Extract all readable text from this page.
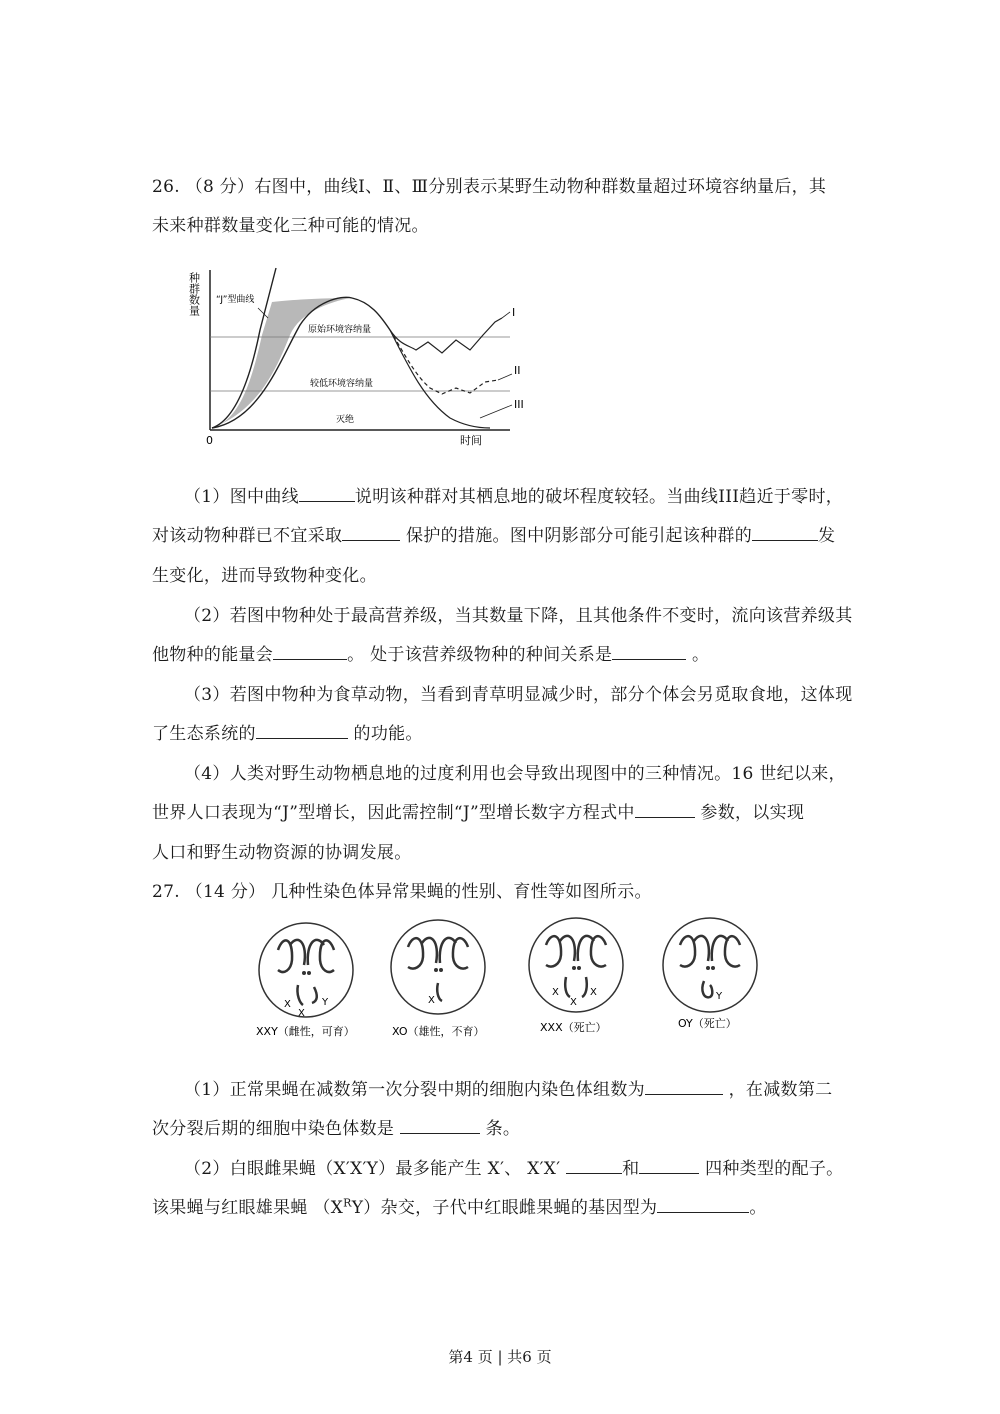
26. （8 分）右图中，曲线Ⅰ、Ⅱ、Ⅲ分别表示某野生动物种群数量超过环境容纳量后，其
未来种群数量变化三种可能的情况。
种群数量
0	时间
“J”型曲线
原始环境容纳量
较低环境容纳量
灭绝
I
II
III
（1）图中曲线	说明该种群对其栖息地的破坏程度较轻。当曲线III趋近于零时，
对该动物种群已不宜采取	保护的措施。图中阴影部分可能引起该种群的	发
生变化，进而导致物种变化。
（2）若图中物种处于最高营养级，当其数量下降，且其他条件不变时，流向该营养级其
他物种的能量会	。 处于该营养级物种的种间关系是	。
（3）若图中物种为食草动物，当看到青草明显减少时，部分个体会另觅取食地，这体现
了生态系统的	的功能。
（4）人类对野生动物栖息地的过度利用也会导致出现图中的三种情况。16 世纪以来，
世界人口表现为“J”型增长，因此需控制“J”型增长数字方程式中	参数，以实现
人口和野生动物资源的协调发展。
27. （14 分） 几种性染色体异常果蝇的性别、育性等如图所示。
X
X
Y
XXY（雌性，可育）
X
XO（雄性，不育）
X
X
X
XXX（死亡）
Y
OY（死亡）
（1）正常果蝇在减数第一次分裂中期的细胞内染色体组数为	，在减数第二
次分裂后期的细胞中染色体数是	条。
（2）白眼雌果蝇（X′X′Y）最多能产生 X′、 X′X′	和	四种类型的配子。
该果蝇与红眼雄果蝇 $(X^RY)$杂交，子代中红眼雌果蝇的基因型为	。
第4 页 | 共6 页
